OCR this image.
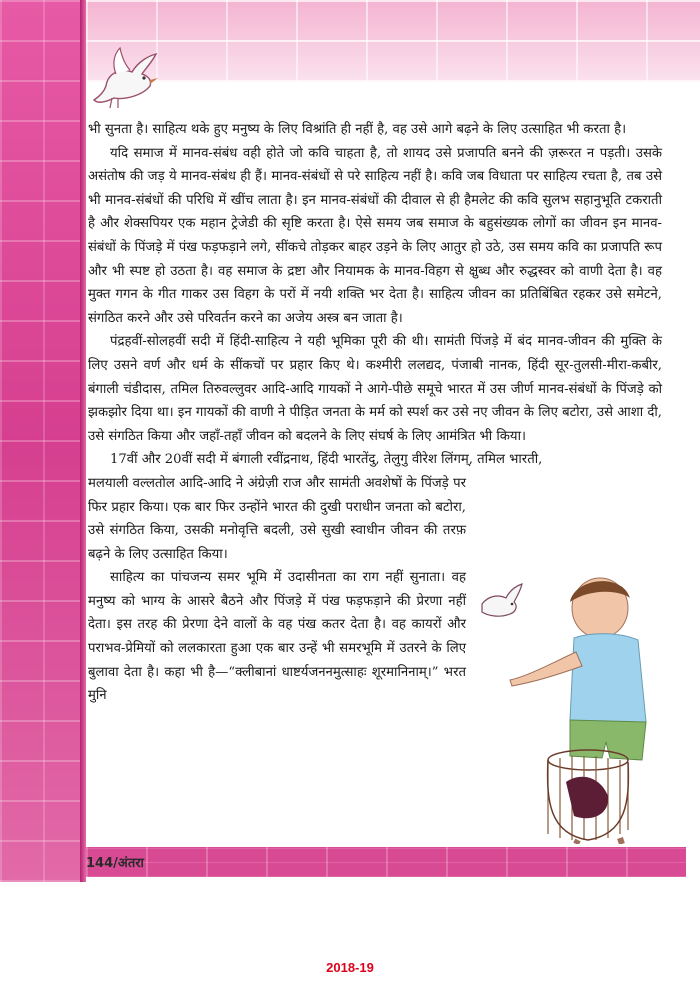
भी सुनता है। साहित्य थके हुए मनुष्य के लिए विश्रांति ही नहीं है, वह उसे आगे बढ़ने के लिए उत्साहित भी करता है।

यदि समाज में मानव-संबंध वही होते जो कवि चाहता है, तो शायद उसे प्रजापति बनने की ज़रूरत न पड़ती। उसके असंतोष की जड़ ये मानव-संबंध ही हैं। मानव-संबंधों से परे साहित्य नहीं है। कवि जब विधाता पर साहित्य रचता है, तब उसे भी मानव-संबंधों की परिधि में खींच लाता है। इन मानव-संबंधों की दीवाल से ही हैमलेट की कवि सुलभ सहानुभूति टकराती है और शेक्सपियर एक महान ट्रेजेडी की सृष्टि करता है। ऐसे समय जब समाज के बहुसंख्यक लोगों का जीवन इन मानव-संबंधों के पिंजड़े में पंख फड़फड़ाने लगे, सींकचे तोड़कर बाहर उड़ने के लिए आतुर हो उठे, उस समय कवि का प्रजापति रूप और भी स्पष्ट हो उठता है। वह समाज के द्रष्टा और नियामक के मानव-विहग से क्षुब्ध और रुद्धस्वर को वाणी देता है। वह मुक्त गगन के गीत गाकर उस विहग के परों में नयी शक्ति भर देता है। साहित्य जीवन का प्रतिबिंबित रहकर उसे समेटने, संगठित करने और उसे परिवर्तन करने का अजेय अस्त्र बन जाता है।

पंद्रहवीं-सोलहवीं सदी में हिंदी-साहित्य ने यही भूमिका पूरी की थी। सामंती पिंजड़े में बंद मानव-जीवन की मुक्ति के लिए उसने वर्ण और धर्म के सींकचों पर प्रहार किए थे। कश्मीरी ललद्यद, पंजाबी नानक, हिंदी सूर-तुलसी-मीरा-कबीर, बंगाली चंडीदास, तमिल तिरुवल्लुवर आदि-आदि गायकों ने आगे-पीछे समूचे भारत में उस जीर्ण मानव-संबंधों के पिंजड़े को झकझोर दिया था। इन गायकों की वाणी ने पीड़ित जनता के मर्म को स्पर्श कर उसे नए जीवन के लिए बटोरा, उसे आशा दी, उसे संगठित किया और जहाँ-तहाँ जीवन को बदलने के लिए संघर्ष के लिए आमंत्रित भी किया।

17वीं और 20वीं सदी में बंगाली रवींद्रनाथ, हिंदी भारतेंदु, तेलुगु वीरेश लिंगम्, तमिल भारती,

मलयाली वल्लतोल आदि-आदि ने अंग्रेज़ी राज और सामंती अवशेषों के पिंजड़े पर फिर प्रहार किया। एक बार फिर उन्होंने भारत की दुखी पराधीन जनता को बटोरा, उसे संगठित किया, उसकी मनोवृत्ति बदली, उसे सुखी स्वाधीन जीवन की तरफ़ बढ़ने के लिए उत्साहित किया।

साहित्य का पांचजन्य समर भूमि में उदासीनता का राग नहीं सुनाता। वह मनुष्य को भाग्य के आसरे बैठने और पिंजड़े में पंख फड़फड़ाने की प्रेरणा नहीं देता। इस तरह की प्रेरणा देने वालों के वह पंख कतर देता है। वह कायरों और पराभव-प्रेमियों को ललकारता हुआ एक बार उन्हें भी समरभूमि में उतरने के लिए बुलावा देता है। कहा भी है—“क्लीबानां धाष्टर्यजननमुत्साहः शूरमानिनाम्।” भरत मुनि

144/अंतरा
2018-19
